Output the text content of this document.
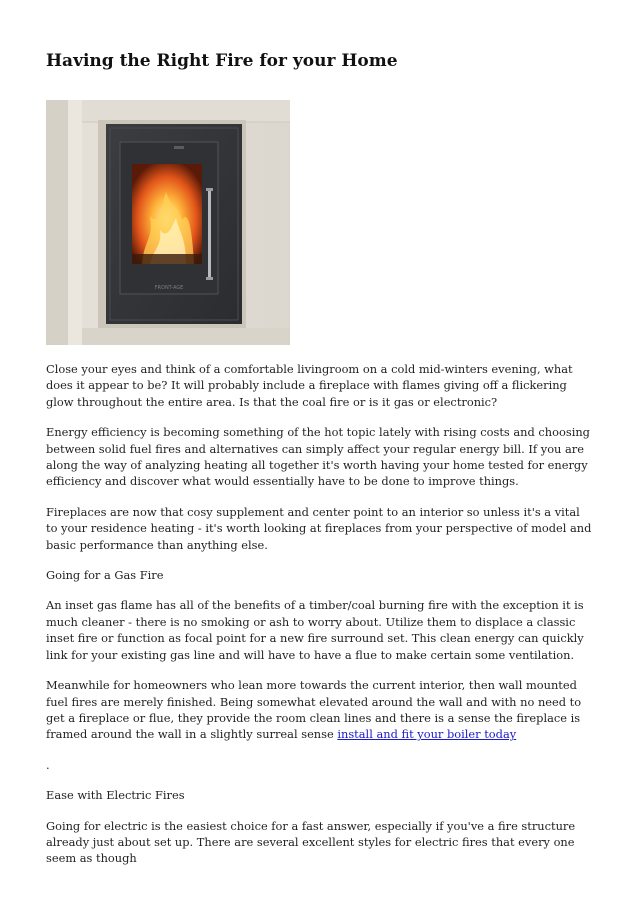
Having the Right Fire for your Home
FRONT-AGE

Close your eyes and think of a comfortable livingroom on a cold mid-winters evening, what does it appear to be? It will probably include a fireplace with flames giving off a flickering glow throughout the entire area. Is that the coal fire or is it gas or electronic?

Energy efficiency is becoming something of the hot topic lately with rising costs and choosing between solid fuel fires and alternatives can simply affect your regular energy bill. If you are along the way of analyzing heating all together it's worth having your home tested for energy efficiency and discover what would essentially have to be done to improve things.

Fireplaces are now that cosy supplement and center point to an interior so unless it's a vital to your residence heating - it's worth looking at fireplaces from your perspective of model and basic performance than anything else.

Going for a Gas Fire

An inset gas flame has all of the benefits of a timber/coal burning fire with the exception it is much cleaner - there is no smoking or ash to worry about. Utilize them to displace a classic inset fire or function as focal point for a new fire surround set. This clean energy can quickly link for your existing gas line and will have to have a flue to make certain some ventilation.

Meanwhile for homeowners who lean more towards the current interior, then wall mounted fuel fires are merely finished. Being somewhat elevated around the wall and with no need to get a fireplace or flue, they provide the room clean lines and there is a sense the fireplace is framed around the wall in a slightly surreal sense install and fit your boiler today

.

Ease with Electric Fires

Going for electric is the easiest choice for a fast answer, especially if you've a fire structure already just about set up. There are several excellent styles for electric fires that every one seem as though
